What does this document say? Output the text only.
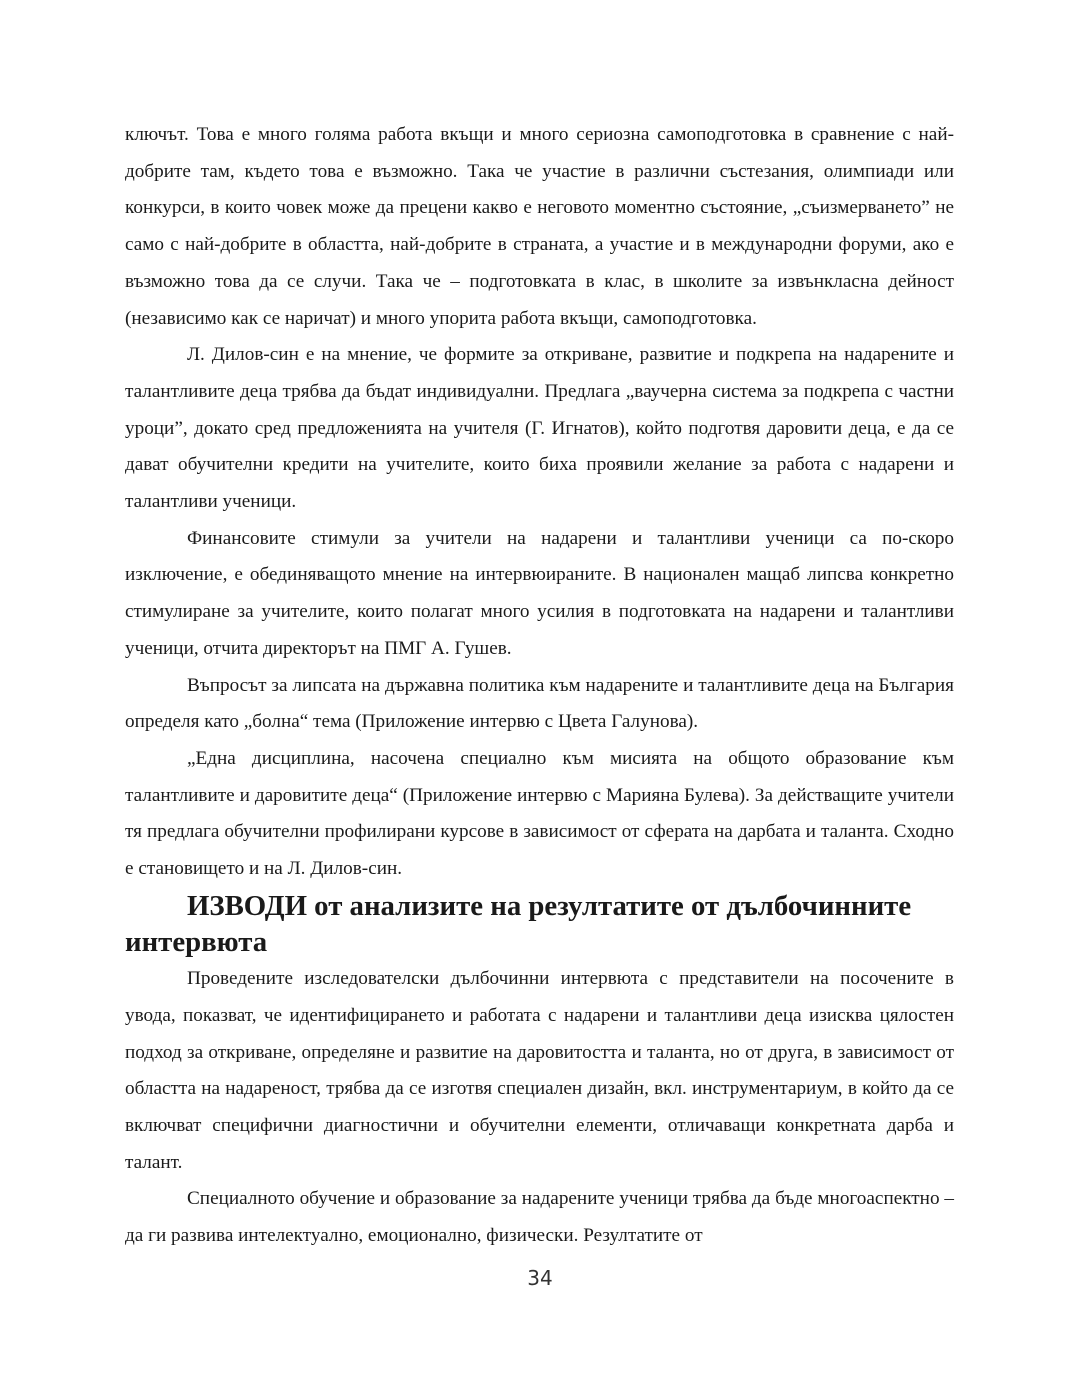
ключът. Това е много голяма работа вкъщи и много сериозна самоподготовка в сравнение с най-добрите там, където това е възможно. Така че участие в различни състезания, олимпиади или конкурси, в които човек може да прецени какво е неговото моментно състояние, „съизмерването” не само с най-добрите в областта, най-добрите в страната, а участие и в международни форуми, ако е възможно това да се случи. Така че – подготовката в клас, в школите за извънкласна дейност (независимо как се наричат) и много упорита работа вкъщи, самоподготовка.

Л. Дилов-син е на мнение, че формите за откриване, развитие и подкрепа на надарените и талантливите деца трябва да бъдат индивидуални. Предлага „ваучерна система за подкрепа с частни уроци”, докато сред предложенията на учителя (Г. Игнатов), който подготвя даровити деца, е да се дават обучителни кредити на учителите, които биха проявили желание за работа с надарени и талантливи ученици.

Финансовите стимули за учители на надарени и талантливи ученици са по-скоро изключение, е обединяващото мнение на интервюираните. В национален мащаб липсва конкретно стимулиране за учителите, които полагат много усилия в подготовката на надарени и талантливи ученици, отчита директорът на ПМГ А. Гушев.

Въпросът за липсата на държавна политика към надарените и талантливите деца на България определя като „болна“ тема (Приложение интервю с Цвета Галунова).

„Една дисциплина, насочена специално към мисията на общото образование към талантливите и даровитите деца“ (Приложение интервю с Марияна Булева). За действащите учители тя предлага обучителни профилирани курсове в зависимост от сферата на дарбата и таланта. Сходно е становището и на Л. Дилов-син.

ИЗВОДИ от анализите на резултатите от дълбочинните интервюта

Проведените изследователски дълбочинни интервюта с представители на посочените в увода, показват, че идентифицирането и работата с надарени и талантливи деца изисква цялостен подход за откриване, определяне и развитие на даровитостта и таланта, но от друга, в зависимост от областта на надареност, трябва да се изготвя специален дизайн, вкл. инструментариум, в който да се включват специфични диагностични и обучителни елементи, отличаващи конкретната дарба и талант.

Специалното обучение и образование за надарените ученици трябва да бъде многоаспектно – да ги развива интелектуално, емоционално, физически. Резултатите от

34
